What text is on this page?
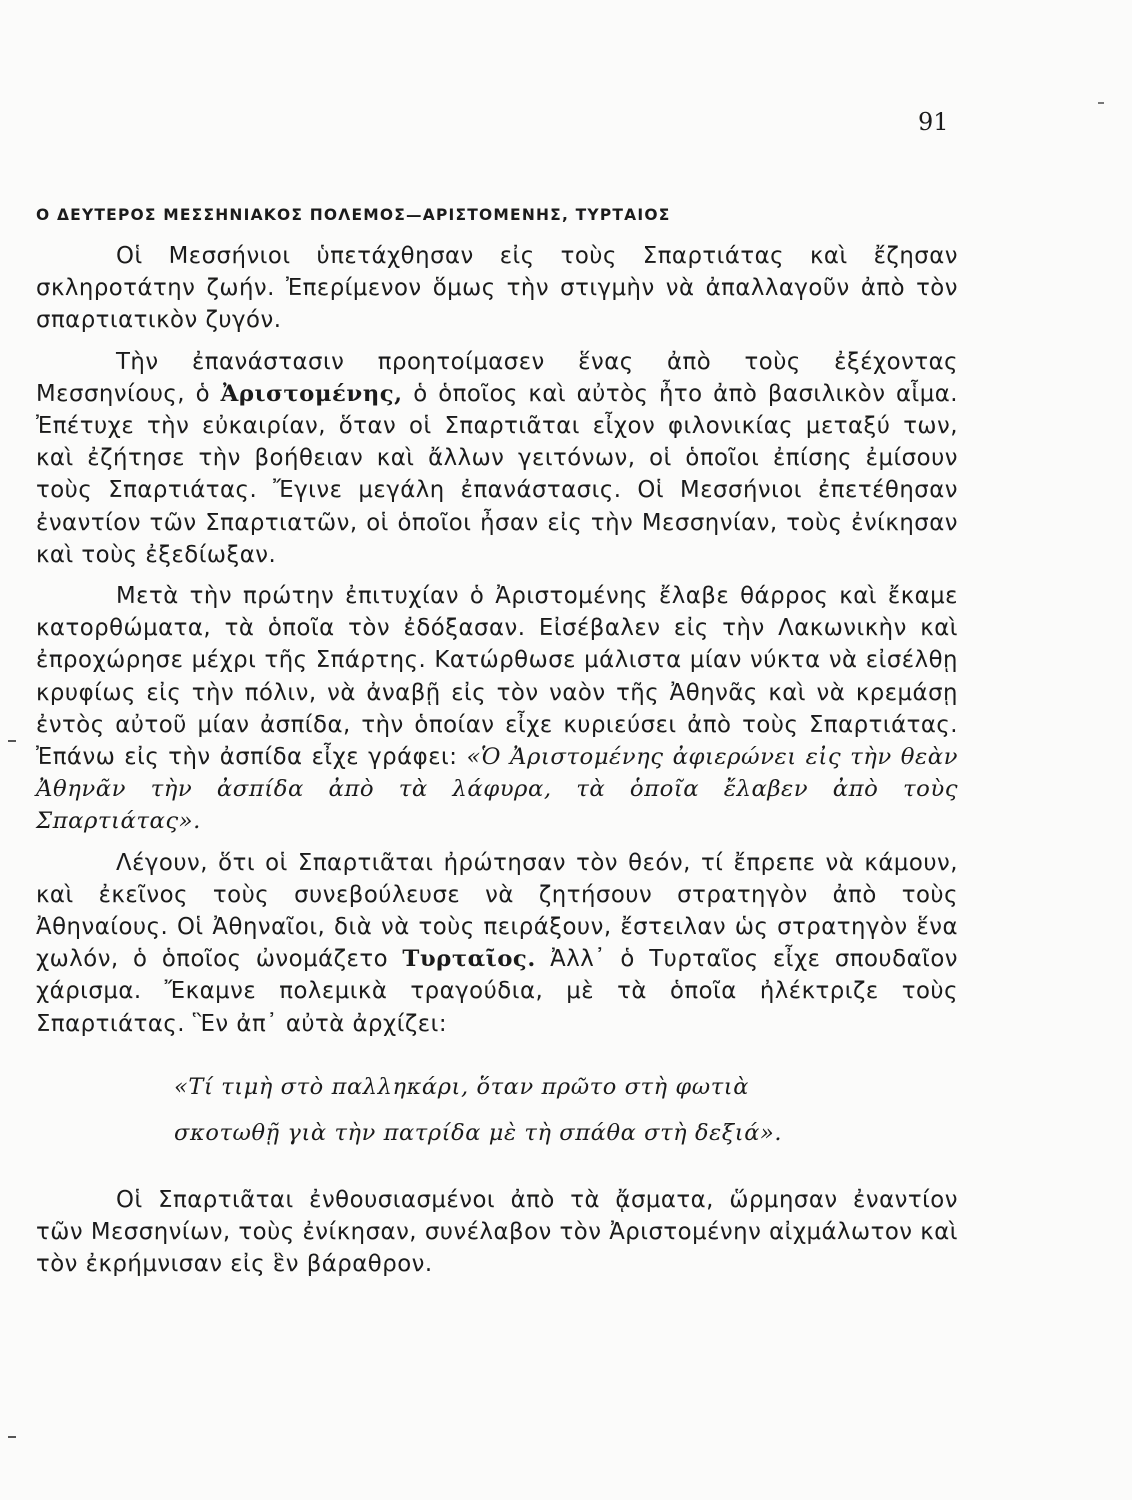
91
Ο ΔΕΥΤΕΡΟΣ ΜΕΣΣΗΝΙΑΚΟΣ ΠΟΛΕΜΟΣ—ΑΡΙΣΤΟΜΕΝΗΣ, ΤΥΡΤΑΙΟΣ

Οἱ Μεσσήνιοι ὑπετάχθησαν εἰς τοὺς Σπαρτιάτας καὶ ἔζησαν σκληροτάτην ζωήν. Ἐπερίμενον ὅμως τὴν στιγμὴν νὰ ἀπαλλαγοῦν ἀπὸ τὸν σπαρτιατικὸν ζυγόν.

Τὴν ἐπανάστασιν προητοίμασεν ἕνας ἀπὸ τοὺς ἐξέχοντας Μεσσηνίους, ὁ Ἀριστομένης, ὁ ὁποῖος καὶ αὐτὸς ἦτο ἀπὸ βασιλικὸν αἷμα. Ἐπέτυχε τὴν εὐκαιρίαν, ὅταν οἱ Σπαρτιᾶται εἶχον φιλονικίας μεταξύ των, καὶ ἐζήτησε τὴν βοήθειαν καὶ ἄλλων γειτόνων, οἱ ὁποῖοι ἐπίσης ἐμίσουν τοὺς Σπαρτιάτας. Ἔγινε μεγάλη ἐπανάστασις. Οἱ Μεσσήνιοι ἐπετέθησαν ἐναντίον τῶν Σπαρτιατῶν, οἱ ὁποῖοι ἦσαν εἰς τὴν Μεσσηνίαν, τοὺς ἐνίκησαν καὶ τοὺς ἐξεδίωξαν.

Μετὰ τὴν πρώτην ἐπιτυχίαν ὁ Ἀριστομένης ἔλαβε θάρρος καὶ ἔκαμε κατορθώματα, τὰ ὁποῖα τὸν ἐδόξασαν. Εἰσέβαλεν εἰς τὴν Λακωνικὴν καὶ ἐπροχώρησε μέχρι τῆς Σπάρτης. Κατώρθωσε μάλιστα μίαν νύκτα νὰ εἰσέλθῃ κρυφίως εἰς τὴν πόλιν, νὰ ἀναβῇ εἰς τὸν ναὸν τῆς Ἀθηνᾶς καὶ νὰ κρεμάσῃ ἐντὸς αὐτοῦ μίαν ἀσπίδα, τὴν ὁποίαν εἶχε κυριεύσει ἀπὸ τοὺς Σπαρτιάτας. Ἐπάνω εἰς τὴν ἀσπίδα εἶχε γράφει: «Ὁ Ἀριστομένης ἀφιερώνει εἰς τὴν θεὰν Ἀθηνᾶν τὴν ἀσπίδα ἀπὸ τὰ λάφυρα, τὰ ὁποῖα ἔλαβεν ἀπὸ τοὺς Σπαρτιάτας».

Λέγουν, ὅτι οἱ Σπαρτιᾶται ἠρώτησαν τὸν θεόν, τί ἔπρεπε νὰ κάμουν, καὶ ἐκεῖνος τοὺς συνεβούλευσε νὰ ζητήσουν στρατηγὸν ἀπὸ τοὺς Ἀθηναίους. Οἱ Ἀθηναῖοι, διὰ νὰ τοὺς πειράξουν, ἔστειλαν ὡς στρατηγὸν ἕνα χωλόν, ὁ ὁποῖος ὠνομάζετο Τυρταῖος. Ἀλλ᾽ ὁ Τυρταῖος εἶχε σπουδαῖον χάρισμα. Ἔκαμνε πολεμικὰ τραγούδια, μὲ τὰ ὁποῖα ἠλέκτριζε τοὺς Σπαρτιάτας. Ἓν ἀπ᾽ αὐτὰ ἀρχίζει:

«Τί τιμὴ στὸ παλληκάρι, ὅταν πρῶτο στὴ φωτιὰ
σκοτωθῇ γιὰ τὴν πατρίδα μὲ τὴ σπάθα στὴ δεξιά».

Οἱ Σπαρτιᾶται ἐνθουσιασμένοι ἀπὸ τὰ ᾄσματα, ὥρμησαν ἐναντίον τῶν Μεσσηνίων, τοὺς ἐνίκησαν, συνέλαβον τὸν Ἀριστομένην αἰχμάλωτον καὶ τὸν ἐκρήμνισαν εἰς ἓν βάραθρον.
